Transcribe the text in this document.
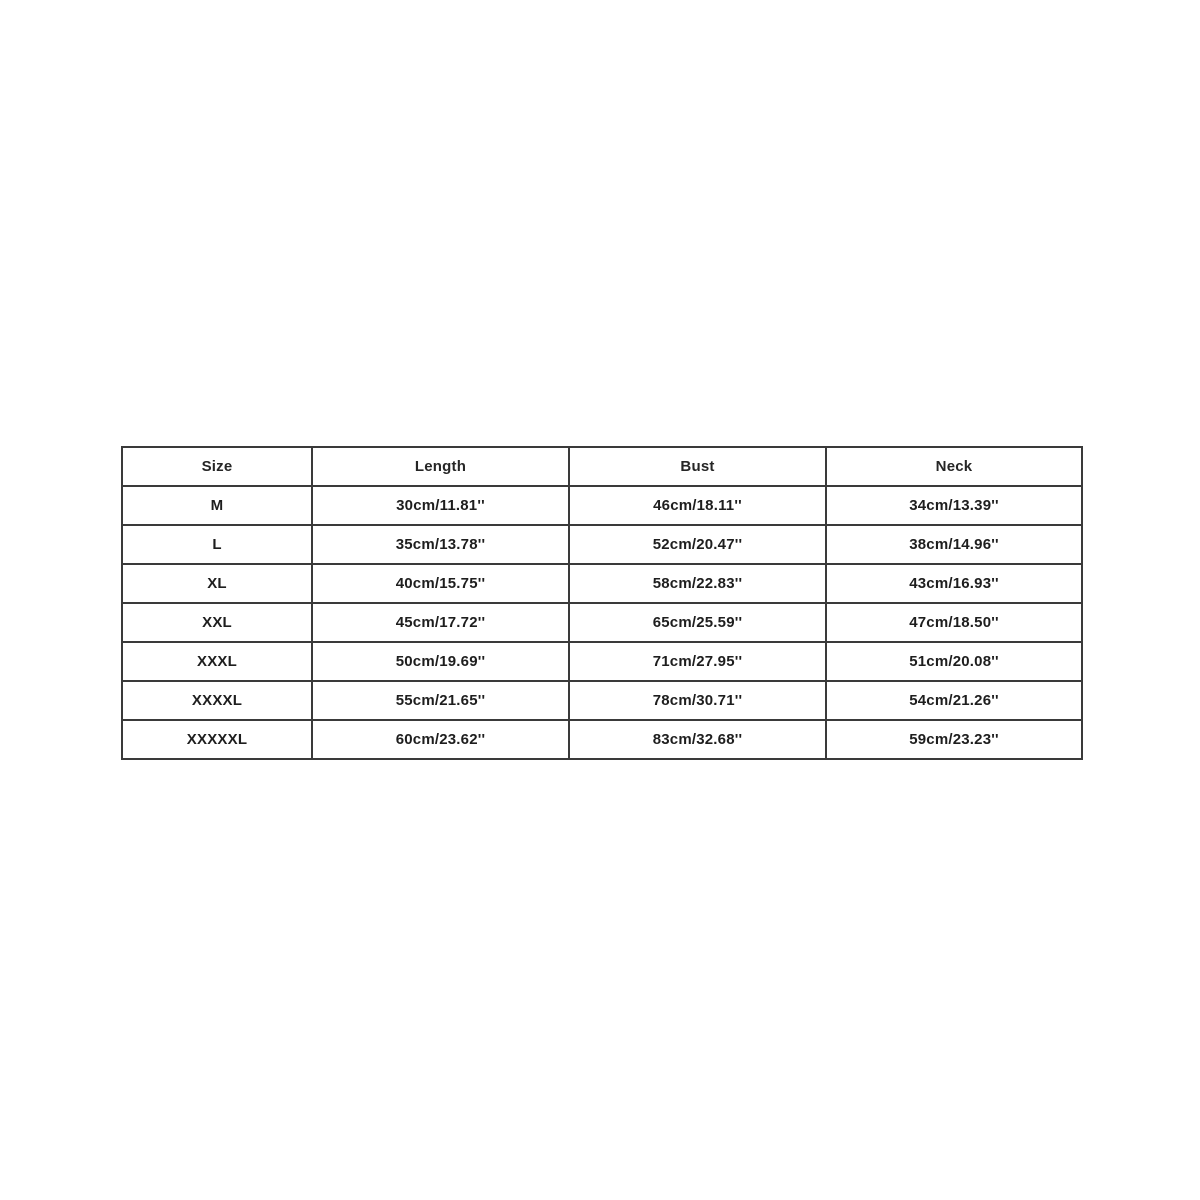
Size	Length	Bust	Neck
M	30cm/11.81''	46cm/18.11''	34cm/13.39''
L	35cm/13.78''	52cm/20.47''	38cm/14.96''
XL	40cm/15.75''	58cm/22.83''	43cm/16.93''
XXL	45cm/17.72''	65cm/25.59''	47cm/18.50''
XXXL	50cm/19.69''	71cm/27.95''	51cm/20.08''
XXXXL	55cm/21.65''	78cm/30.71''	54cm/21.26''
XXXXXL	60cm/23.62''	83cm/32.68''	59cm/23.23''
